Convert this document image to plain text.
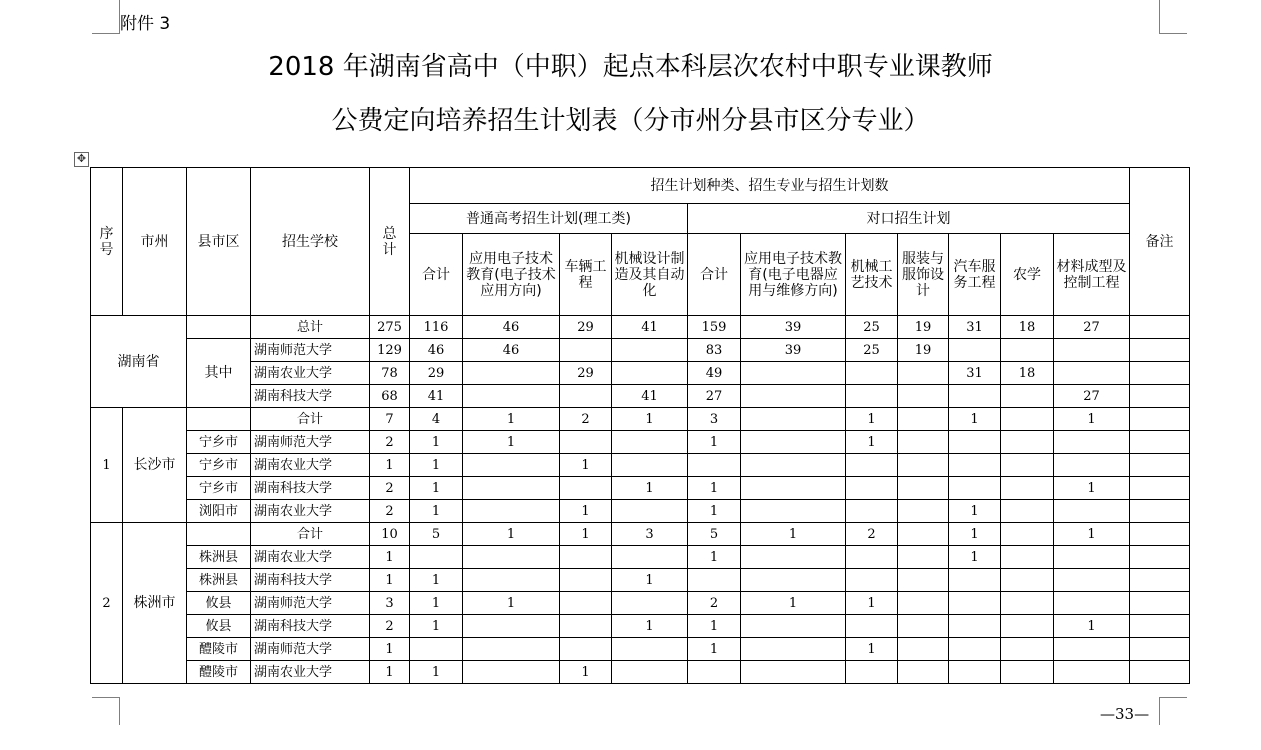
附件 3
2018 年湖南省高中（中职）起点本科层次农村中职专业课教师
公费定向培养招生计划表（分市州分县市区分专业）
✥
序号	市州	县市区	招生学校	总计	招生计划种类、招生专业与招生计划数											备注
					普通高考招生计划(理工类)				对口招生计划							
					合计	应用电子技术教育(电子技术应用方向)	车辆工程	机械设计制造及其自动化	合计	应用电子技术教育(电子电器应用与维修方向)	机械工艺技术	服装与服饰设计	汽车服务工程	农学	材料成型及控制工程	
湖南省			总计	275	116	46	29	41	159	39	25	19	31	18	27	
		其中	湖南师范大学	129	46	46			83	39	25	19				
			湖南农业大学	78	29		29		49				31	18		
			湖南科技大学	68	41			41	27						27	
1	长沙市		合计	7	4	1	2	1	3		1		1		1	
		宁乡市	湖南师范大学	2	1	1			1		1					
		宁乡市	湖南农业大学	1	1		1									
		宁乡市	湖南科技大学	2	1			1	1						1	
		浏阳市	湖南农业大学	2	1		1		1				1			
2	株洲市		合计	10	5	1	1	3	5	1	2		1		1	
		株洲县	湖南农业大学	1					1				1			
		株洲县	湖南科技大学	1	1			1								
		攸县	湖南师范大学	3	1	1			2	1	1					
		攸县	湖南科技大学	2	1			1	1						1	
		醴陵市	湖南师范大学	1					1		1					
		醴陵市	湖南农业大学	1	1		1									
—33—
